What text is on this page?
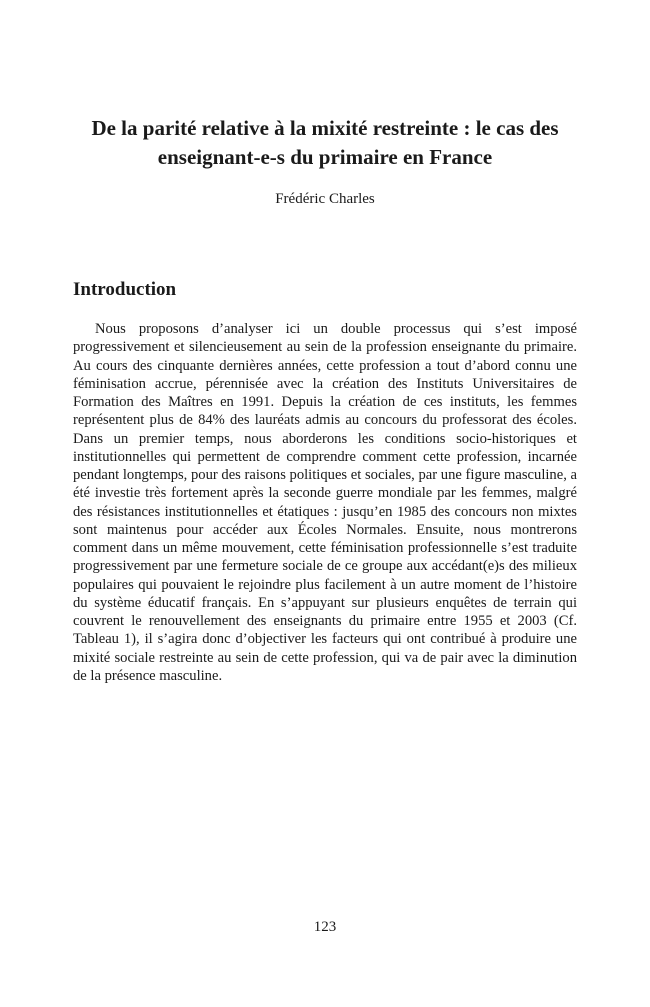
De la parité relative à la mixité restreinte : le cas des enseignant-e-s du primaire en France
Frédéric Charles
Introduction

Nous proposons d’analyser ici un double processus qui s’est imposé progressivement et silencieusement au sein de la profession enseignante du primaire. Au cours des cinquante dernières années, cette profession a tout d’abord connu une féminisation accrue, pérennisée avec la création des Instituts Universitaires de Formation des Maîtres en 1991. Depuis la création de ces instituts, les femmes représentent plus de 84% des lauréats admis au concours du professorat des écoles. Dans un premier temps, nous aborderons les conditions socio-historiques et institutionnelles qui permettent de comprendre comment cette profession, incarnée pendant longtemps, pour des raisons politiques et sociales, par une figure masculine, a été investie très fortement après la seconde guerre mondiale par les femmes, malgré des résistances institutionnelles et étatiques : jusqu’en 1985 des concours non mixtes sont maintenus pour accéder aux Écoles Normales. Ensuite, nous montrerons comment dans un même mouvement, cette féminisation professionnelle s’est traduite progressivement par une fermeture sociale de ce groupe aux accédant(e)s des milieux populaires qui pouvaient le rejoindre plus facilement à un autre moment de l’histoire du système éducatif français. En s’appuyant sur plusieurs enquêtes de terrain qui couvrent le renouvellement des enseignants du primaire entre 1955 et 2003 (Cf. Tableau 1), il s’agira donc d’objectiver les facteurs qui ont contribué à produire une mixité sociale restreinte au sein de cette profession, qui va de pair avec la diminution de la présence masculine.

123
